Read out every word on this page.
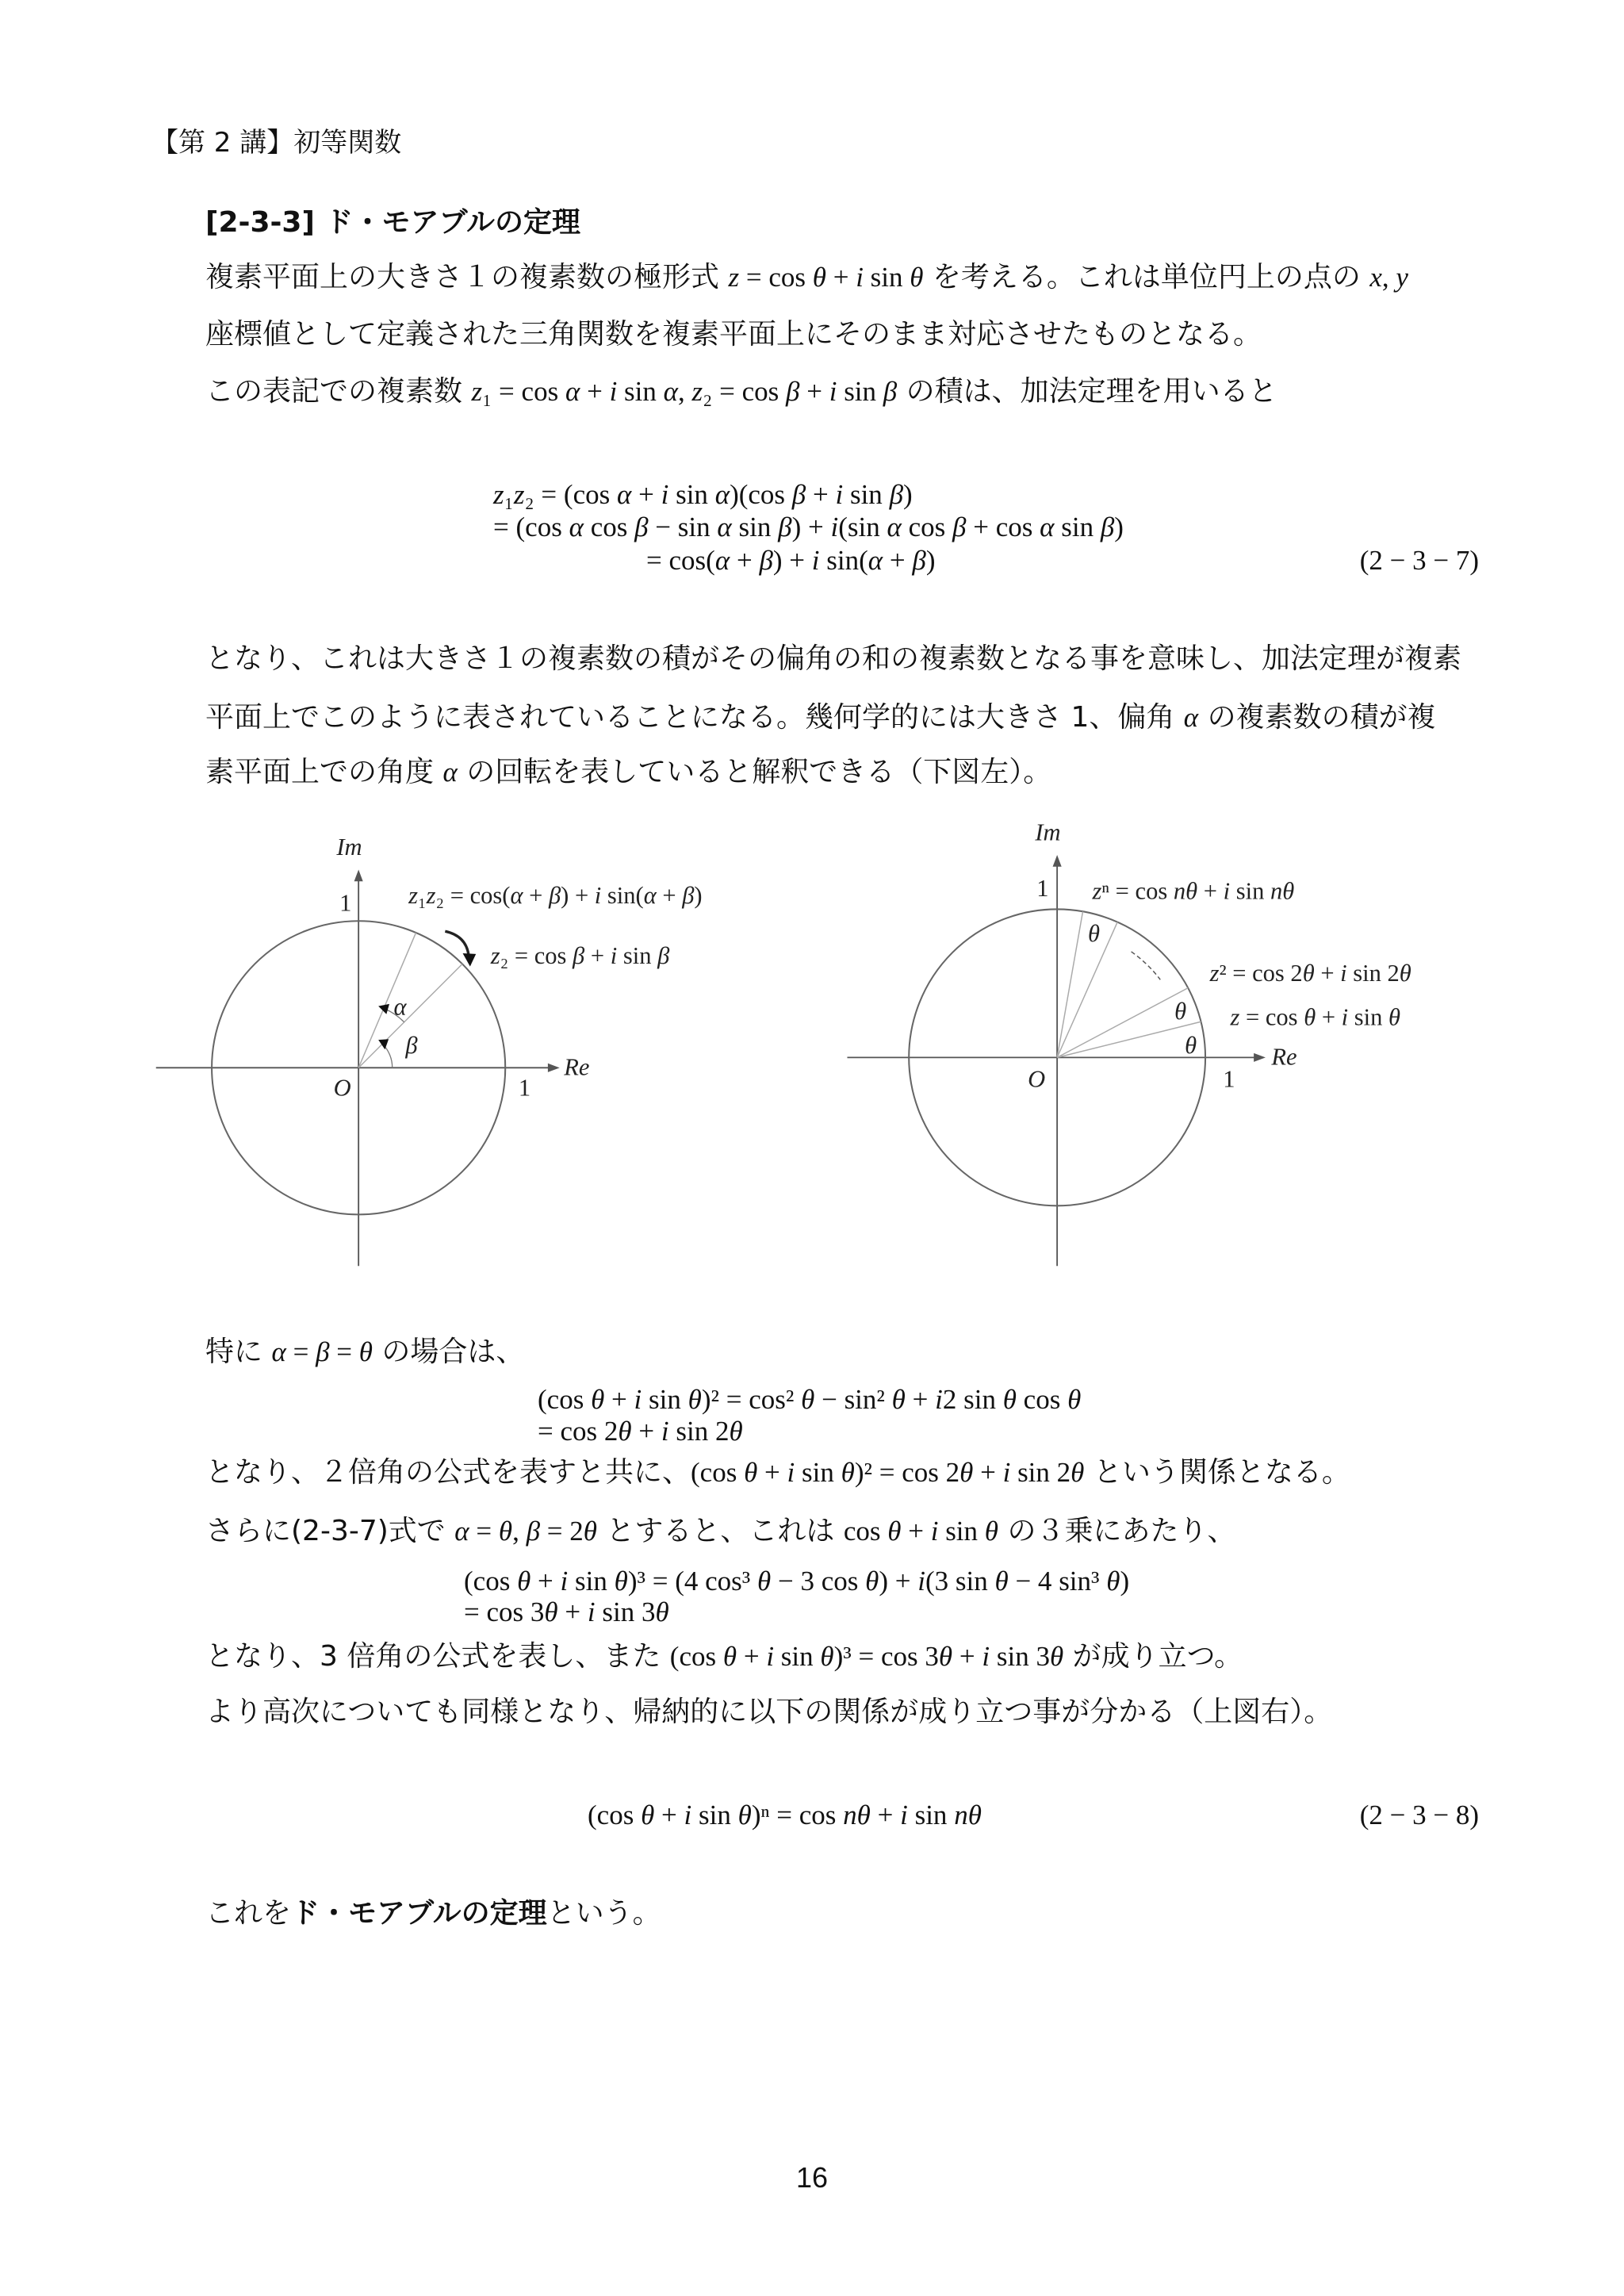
【第 2 講】初等関数
[2-3-3] ド・モアブルの定理
複素平面上の大きさ１の複素数の極形式 z = cos θ + i sin θ を考える。これは単位円上の点の x, y
座標値として定義された三角関数を複素平面上にそのまま対応させたものとなる。
この表記での複素数 z₁ = cos α + i sin α, z₂ = cos β + i sin β の積は、加法定理を用いると
z₁z₂ = (cos α + i sin α)(cos β + i sin β)
= (cos α cos β − sin α sin β) + i(sin α cos β + cos α sin β)
= cos(α + β) + i sin(α + β)	(2 − 3 − 7)
となり、これは大きさ１の複素数の積がその偏角の和の複素数となる事を意味し、加法定理が複素
平面上でこのように表されていることになる。幾何学的には大きさ 1、偏角 α の複素数の積が複
素平面上での角度 α の回転を表していると解釈できる（下図左）。
Im
1	z₁z₂ = cos(α + β) + i sin(α + β)
z₂ = cos β + i sin β
α
β
Re
O	1
Im
1	zⁿ = cos nθ + i sin nθ
θ
z² = cos 2θ + i sin 2θ
θ	z = cos θ + i sin θ
θ	Re
O	1
特に α = β = θ の場合は、
(cos θ + i sin θ)² = cos² θ − sin² θ + i2 sin θ cos θ
= cos 2θ + i sin 2θ
となり、２倍角の公式を表すと共に、(cos θ + i sin θ)² = cos 2θ + i sin 2θ という関係となる。
さらに(2-3-7)式で α = θ, β = 2θ とすると、これは cos θ + i sin θ の３乗にあたり、
(cos θ + i sin θ)³ = (4 cos³ θ − 3 cos θ) + i(3 sin θ − 4 sin³ θ)
= cos 3θ + i sin 3θ
となり、3 倍角の公式を表し、また (cos θ + i sin θ)³ = cos 3θ + i sin 3θ が成り立つ。
より高次についても同様となり、帰納的に以下の関係が成り立つ事が分かる（上図右）。
(cos θ + i sin θ)ⁿ = cos nθ + i sin nθ	(2 − 3 − 8)
これをド・モアブルの定理という。
16
